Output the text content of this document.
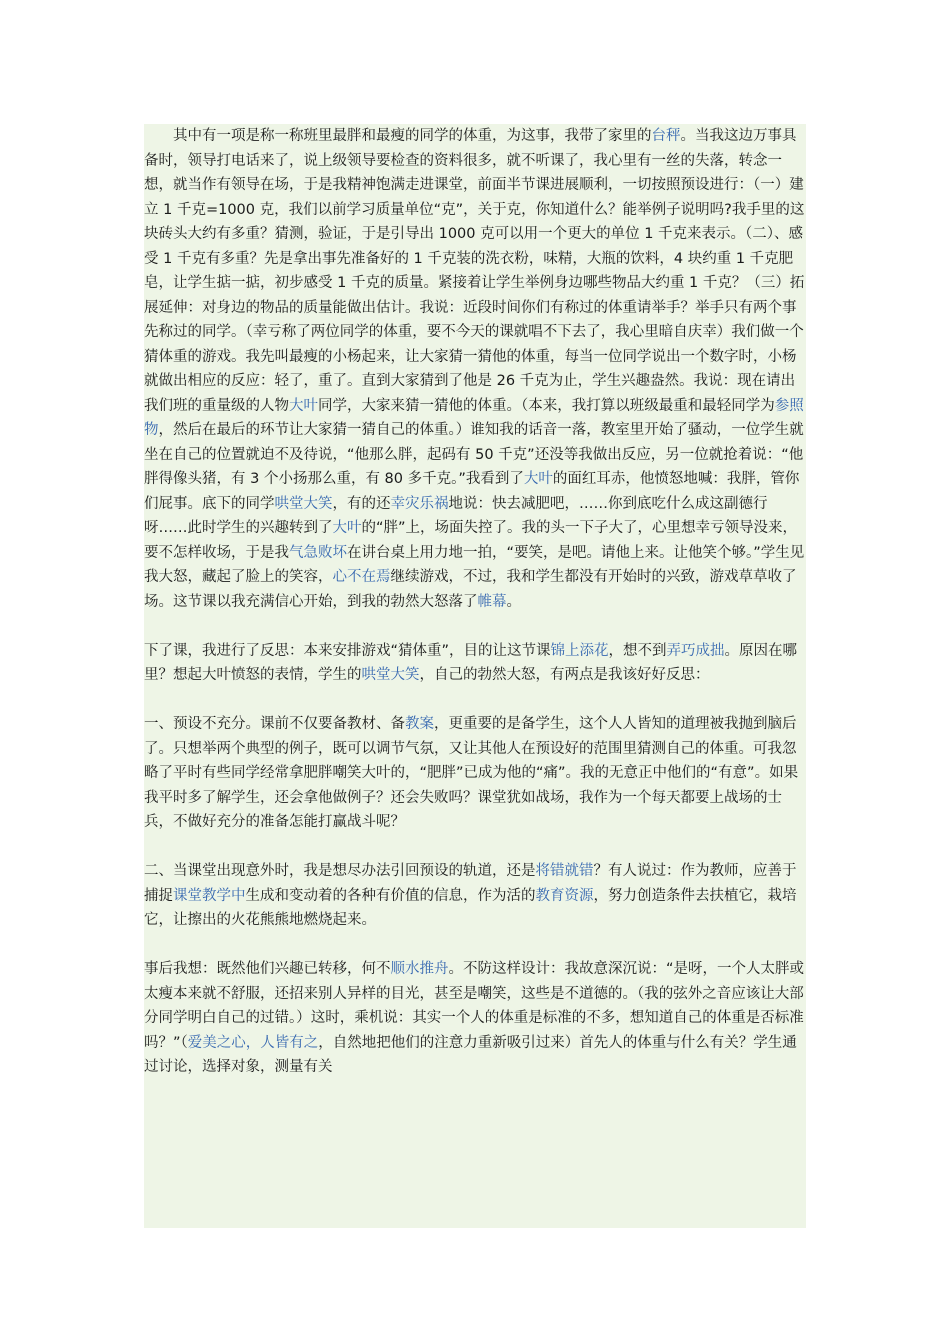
其中有一项是称一称班里最胖和最瘦的同学的体重，为这事，我带了家里的台秤。当我这边万事具备时，领导打电话来了，说上级领导要检查的资料很多，就不听课了，我心里有一丝的失落，转念一想，就当作有领导在场，于是我精神饱满走进课堂，前面半节课进展顺利，一切按照预设进行：（一）建立 1 千克=1000 克，我们以前学习质量单位“克”，关于克，你知道什么？能举例子说明吗?我手里的这块砖头大约有多重？猜测，验证，于是引导出 1000 克可以用一个更大的单位 1 千克来表示。（二）、感受 1 千克有多重？先是拿出事先准备好的 1 千克装的洗衣粉，味精，大瓶的饮料，4 块约重 1 千克肥皂，让学生掂一掂，初步感受 1 千克的质量。紧接着让学生举例身边哪些物品大约重 1 千克？（三）拓展延伸：对身边的物品的质量能做出估计。我说：近段时间你们有称过的体重请举手？举手只有两个事先称过的同学。（幸亏称了两位同学的体重，要不今天的课就唱不下去了，我心里暗自庆幸）我们做一个猜体重的游戏。我先叫最瘦的小杨起来，让大家猜一猜他的体重，每当一位同学说出一个数字时，小杨就做出相应的反应：轻了，重了。直到大家猜到了他是 26 千克为止，学生兴趣盎然。我说：现在请出我们班的重量级的人物大叶同学，大家来猜一猜他的体重。（本来，我打算以班级最重和最轻同学为参照物，然后在最后的环节让大家猜一猜自己的体重。）谁知我的话音一落，教室里开始了骚动，一位学生就坐在自己的位置就迫不及待说，“他那么胖，起码有 50 千克”还没等我做出反应，另一位就抢着说：“他胖得像头猪，有 3 个小扬那么重，有 80 多千克。”我看到了大叶的面红耳赤，他愤怒地喊：我胖，管你们屁事。底下的同学哄堂大笑，有的还幸灾乐祸地说：快去减肥吧，……你到底吃什么成这副德行呀……此时学生的兴趣转到了大叶的“胖”上，场面失控了。我的头一下子大了，心里想幸亏领导没来，要不怎样收场，于是我气急败坏在讲台桌上用力地一拍，“要笑，是吧。请他上来。让他笑个够。”学生见我大怒，藏起了脸上的笑容，心不在焉继续游戏，不过，我和学生都没有开始时的兴致，游戏草草收了场。这节课以我充满信心开始，到我的勃然大怒落了帷幕。

下了课，我进行了反思：本来安排游戏“猜体重”，目的让这节课锦上添花，想不到弄巧成拙。原因在哪里？想起大叶愤怒的表情，学生的哄堂大笑，自己的勃然大怒，有两点是我该好好反思：

一、预设不充分。课前不仅要备教材、备教案，更重要的是备学生，这个人人皆知的道理被我抛到脑后了。只想举两个典型的例子，既可以调节气氛，又让其他人在预设好的范围里猜测自己的体重。可我忽略了平时有些同学经常拿肥胖嘲笑大叶的，“肥胖”已成为他的“痛”。我的无意正中他们的“有意”。如果我平时多了解学生，还会拿他做例子？还会失败吗？课堂犹如战场，我作为一个每天都要上战场的士兵，不做好充分的准备怎能打赢战斗呢？

二、当课堂出现意外时，我是想尽办法引回预设的轨道，还是将错就错？有人说过：作为教师，应善于捕捉课堂教学中生成和变动着的各种有价值的信息，作为活的教育资源，努力创造条件去扶植它，栽培它，让擦出的火花熊熊地燃烧起来。

事后我想：既然他们兴趣已转移，何不顺水推舟。不防这样设计：我故意深沉说：“是呀，一个人太胖或太瘦本来就不舒服，还招来别人异样的目光，甚至是嘲笑，这些是不道德的。（我的弦外之音应该让大部分同学明白自己的过错。）这时，乘机说：其实一个人的体重是标准的不多，想知道自己的体重是否标准吗？”（爱美之心，人皆有之，自然地把他们的注意力重新吸引过来）首先人的体重与什么有关？学生通过讨论，选择对象，测量有关
